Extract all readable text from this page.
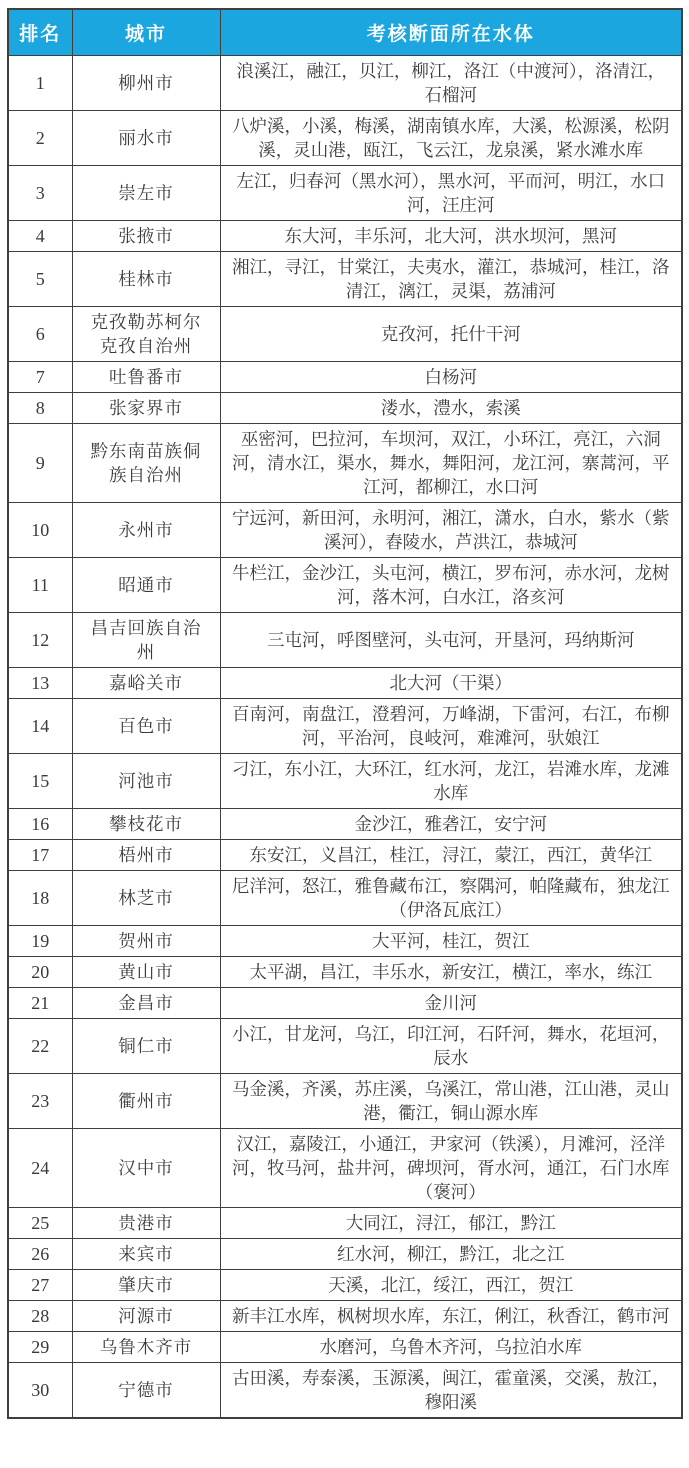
排名	城市	考核断面所在水体
1	柳州市	浪溪江，融江，贝江，柳江，洛江（中渡河），洛清江，石榴河
2	丽水市	八炉溪，小溪，梅溪，湖南镇水库，大溪，松源溪，松阴溪，灵山港，瓯江，飞云江，龙泉溪，紧水滩水库
3	崇左市	左江，归春河（黑水河），黑水河，平而河，明江，水口河，汪庄河
4	张掖市	东大河，丰乐河，北大河，洪水坝河，黑河
5	桂林市	湘江，寻江，甘棠江，夫夷水，灌江，恭城河，桂江，洛清江，漓江，灵渠，荔浦河
6	克孜勒苏柯尔克孜自治州	克孜河，托什干河
7	吐鲁番市	白杨河
8	张家界市	溇水，澧水，索溪
9	黔东南苗族侗族自治州	巫密河，巴拉河，车坝河，双江，小环江，亮江，六洞河，清水江，渠水，舞水，舞阳河，龙江河，寨蒿河，平江河，都柳江，水口河
10	永州市	宁远河，新田河，永明河，湘江，潇水，白水，紫水（紫溪河），舂陵水，芦洪江，恭城河
11	昭通市	牛栏江，金沙江，头屯河，横江，罗布河，赤水河，龙树河，落木河，白水江，洛亥河
12	昌吉回族自治州	三屯河，呼图壁河，头屯河，开垦河，玛纳斯河
13	嘉峪关市	北大河（干渠）
14	百色市	百南河，南盘江，澄碧河，万峰湖，下雷河，右江，布柳河，平治河，良岐河，难滩河，驮娘江
15	河池市	刁江，东小江，大环江，红水河，龙江，岩滩水库，龙滩水库
16	攀枝花市	金沙江，雅砻江，安宁河
17	梧州市	东安江，义昌江，桂江，浔江，蒙江，西江，黄华江
18	林芝市	尼洋河，怒江，雅鲁藏布江，察隅河，帕隆藏布，独龙江（伊洛瓦底江）
19	贺州市	大平河，桂江，贺江
20	黄山市	太平湖，昌江，丰乐水，新安江，横江，率水，练江
21	金昌市	金川河
22	铜仁市	小江，甘龙河，乌江，印江河，石阡河，舞水，花垣河，辰水
23	衢州市	马金溪，齐溪，苏庄溪，乌溪江，常山港，江山港，灵山港，衢江，铜山源水库
24	汉中市	汉江，嘉陵江，小通江，尹家河（铁溪），月滩河，泾洋河，牧马河，盐井河，碑坝河，胥水河，通江，石门水库（褒河）
25	贵港市	大同江，浔江，郁江，黔江
26	来宾市	红水河，柳江，黔江，北之江
27	肇庆市	天溪，北江，绥江，西江，贺江
28	河源市	新丰江水库，枫树坝水库，东江，俐江，秋香江，鹤市河
29	乌鲁木齐市	水磨河，乌鲁木齐河，乌拉泊水库
30	宁德市	古田溪，寿泰溪，玉源溪，闽江，霍童溪，交溪，敖江，穆阳溪
